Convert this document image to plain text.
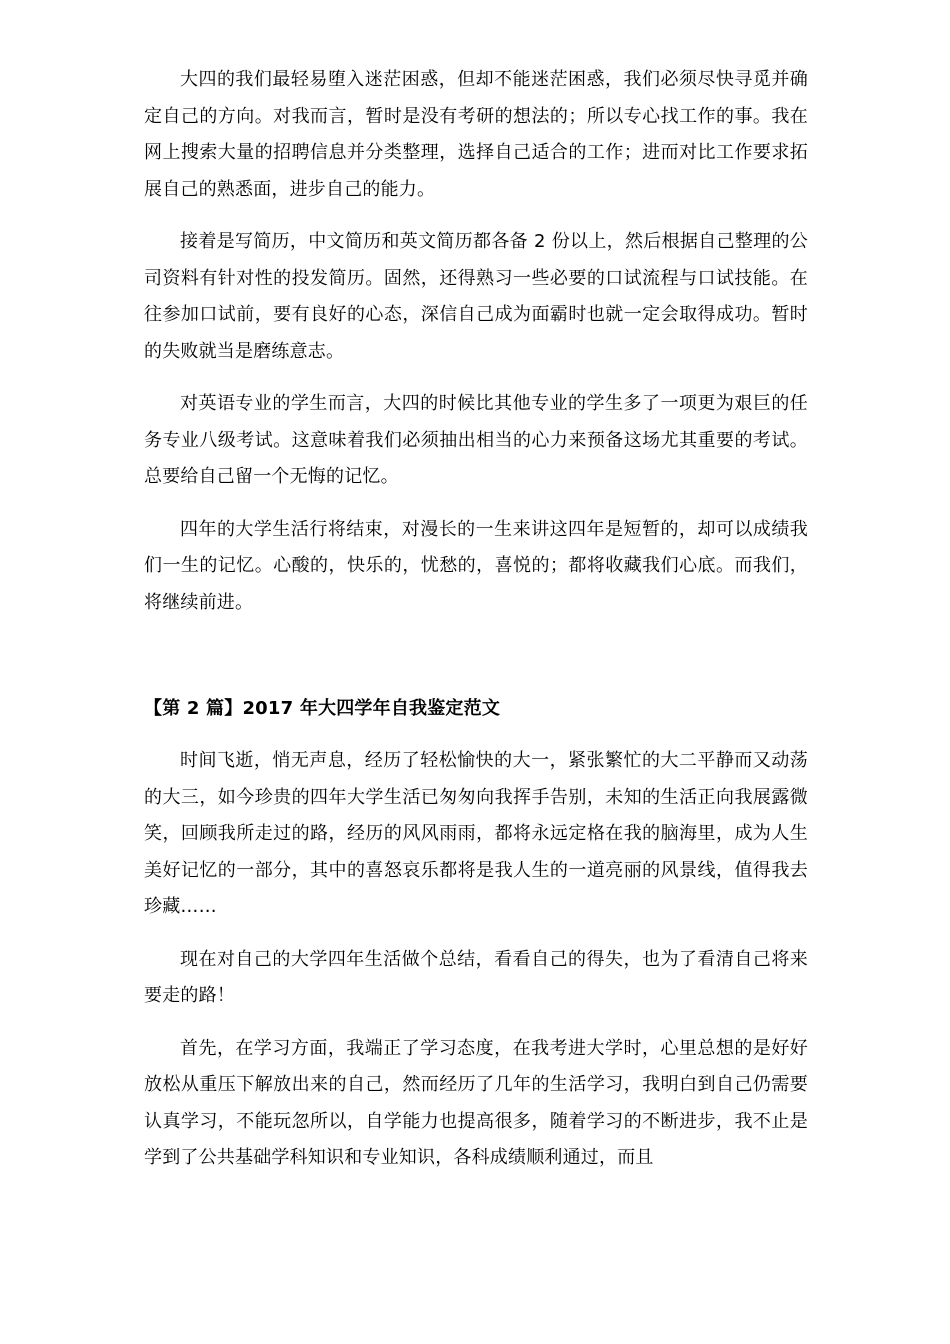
大四的我们最轻易堕入迷茫困惑，但却不能迷茫困惑，我们必须尽快寻觅并确定自己的方向。对我而言，暂时是没有考研的想法的；所以专心找工作的事。我在网上搜索大量的招聘信息并分类整理，选择自己适合的工作；进而对比工作要求拓展自己的熟悉面，进步自己的能力。

接着是写简历，中文简历和英文简历都各备 2 份以上，然后根据自己整理的公司资料有针对性的投发简历。固然，还得熟习一些必要的口试流程与口试技能。在往参加口试前，要有良好的心态，深信自己成为面霸时也就一定会取得成功。暂时的失败就当是磨练意志。

对英语专业的学生而言，大四的时候比其他专业的学生多了一项更为艰巨的任务专业八级考试。这意味着我们必须抽出相当的心力来预备这场尤其重要的考试。总要给自己留一个无悔的记忆。

四年的大学生活行将结束，对漫长的一生来讲这四年是短暂的，却可以成绩我们一生的记忆。心酸的，快乐的，忧愁的，喜悦的；都将收藏我们心底。而我们，将继续前进。

【第 2 篇】2017 年大四学年自我鉴定范文

时间飞逝，悄无声息，经历了轻松愉快的大一，紧张繁忙的大二平静而又动荡的大三，如今珍贵的四年大学生活已匆匆向我挥手告别，未知的生活正向我展露微笑，回顾我所走过的路，经历的风风雨雨，都将永远定格在我的脑海里，成为人生美好记忆的一部分，其中的喜怒哀乐都将是我人生的一道亮丽的风景线，值得我去珍藏……

现在对自己的大学四年生活做个总结，看看自己的得失，也为了看清自己将来要走的路！

首先，在学习方面，我端正了学习态度，在我考进大学时，心里总想的是好好放松从重压下解放出来的自己，然而经历了几年的生活学习，我明白到自己仍需要认真学习，不能玩忽所以，自学能力也提高很多，随着学习的不断进步，我不止是学到了公共基础学科知识和专业知识，各科成绩顺利通过，而且
